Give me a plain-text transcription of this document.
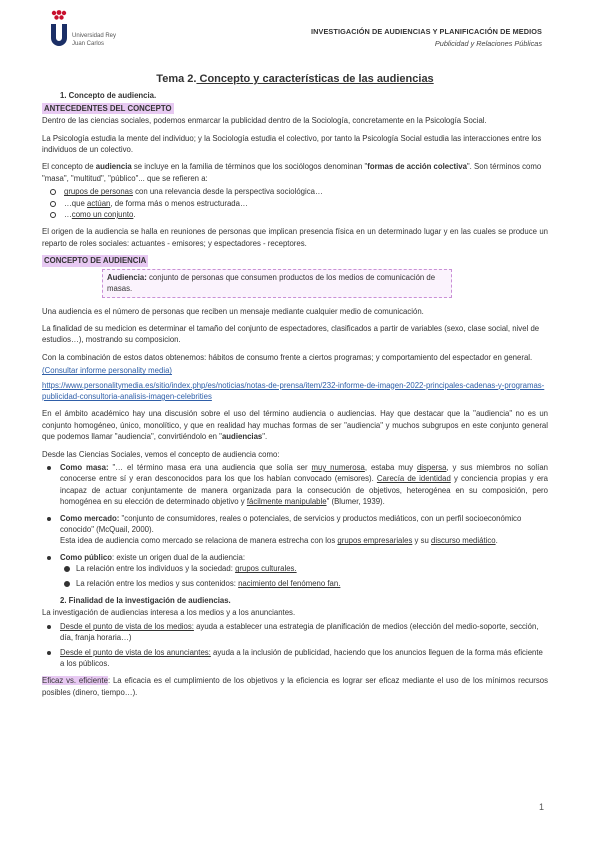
Universidad Rey Juan Carlos
INVESTIGACIÓN DE AUDIENCIAS Y PLANIFICACIÓN DE MEDIOS
Publicidad y Relaciones Públicas
Tema 2. Concepto y características de las audiencias
1. Concepto de audiencia.
ANTECEDENTES DEL CONCEPTO

Dentro de las ciencias sociales, podemos enmarcar la publicidad dentro de la Sociología, concretamente en la Psicología Social.

La Psicología estudia la mente del individuo; y la Sociología estudia el colectivo, por tanto la Psicología Social estudia las interacciones entre los individuos de un colectivo.

El concepto de audiencia se incluye en la familia de términos que los sociólogos denominan "formas de acción colectiva". Son términos como "masa", "multitud", "público"... que se refieren a:

grupos de personas con una relevancia desde la perspectiva sociológica…
…que actúan, de forma más o menos estructurada…
…como un conjunto.

El origen de la audiencia se halla en reuniones de personas que implican presencia física en un determinado lugar y en las cuales se produce un reparto de roles sociales: actuantes - emisores; y espectadores - receptores.

CONCEPTO DE AUDIENCIA
Audiencia: conjunto de personas que consumen productos de los medios de comunicación de masas.

Una audiencia es el número de personas que reciben un mensaje mediante cualquier medio de comunicación.

La finalidad de su medicion es determinar el tamaño del conjunto de espectadores, clasificados a partir de variables (sexo, clase social, nivel de estudios…), mostrando su composicion.

Con la combinación de estos datos obtenemos: hábitos de consumo frente a ciertos programas; y comportamiento del espectador en general.

(Consultar informe personality media)

https://www.personalitymedia.es/sitio/index.php/es/noticias/notas-de-prensa/item/232-informe-de-imagen-2022-principales-cadenas-y-programas-publicidad-consultoria-analisis-imagen-celebrities

En el ámbito académico hay una discusión sobre el uso del término audiencia o audiencias. Hay que destacar que la "audiencia" no es un conjunto homogéneo, único, monolítico, y que en realidad hay muchas formas de ser "audiencia" y muchos subgrupos en este conjunto general que podemos llamar "audiencia", convirtiéndolo en "audiencias".

Desde las Ciencias Sociales, vemos el concepto de audiencia como:

Como masa: "… el término masa era una audiencia que solía ser muy numerosa, estaba muy dispersa, y sus miembros no solían conocerse entre sí y eran desconocidos para los que los habían convocado (emisores). Carecía de identidad y conciencia propias y era incapaz de actuar conjuntamente de manera organizada para la consecución de objetivos, heterogénea en su composición, pero homogénea en su elección de determinado objetivo y fácilmente manipulable" (Blumer, 1939).
Como mercado: "conjunto de consumidores, reales o potenciales, de servicios y productos mediáticos, con un perfil socioeconómico conocido" (McQuail, 2000).
Esta idea de audiencia como mercado se relaciona de manera estrecha con los grupos empresariales y su discurso mediático.
Como público: existe un origen dual de la audiencia:
La relación entre los individuos y la sociedad: grupos culturales.
La relación entre los medios y sus contenidos: nacimiento del fenómeno fan.
2. Finalidad de la investigación de audiencias.

La investigación de audiencias interesa a los medios y a los anunciantes.

Desde el punto de vista de los medios: ayuda a establecer una estrategia de planificación de medios (elección del medio-soporte, sección, día, franja horaria…)
Desde el punto de vista de los anunciantes: ayuda a la inclusión de publicidad, haciendo que los anuncios lleguen de la forma más eficiente a los públicos.

Eficaz vs. eficiente: La eficacia es el cumplimiento de los objetivos y la eficiencia es lograr ser eficaz mediante el uso de los mínimos recursos posibles (dinero, tiempo…).

1
